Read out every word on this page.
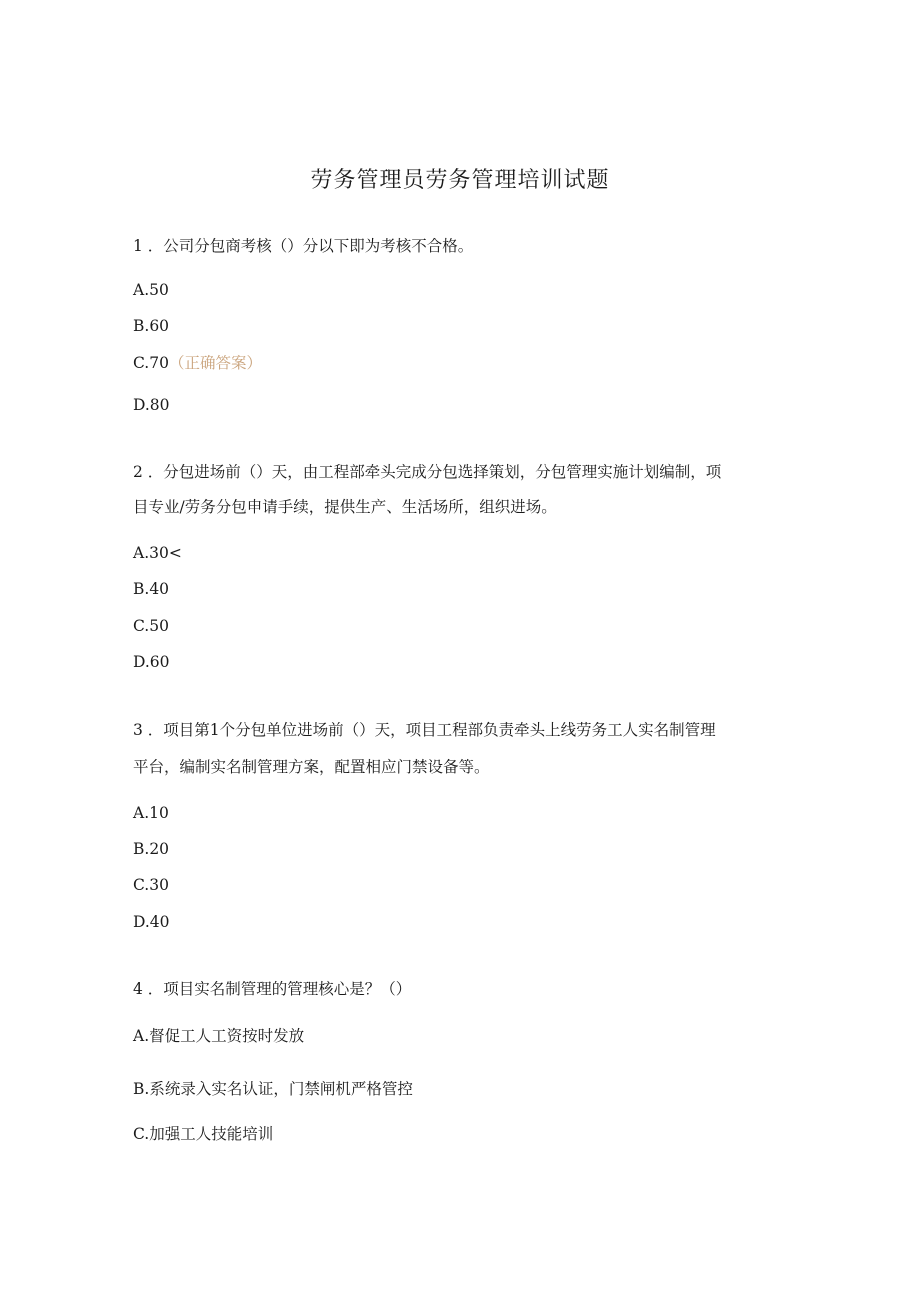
劳务管理员劳务管理培训试题
1 ．公司分包商考核（）分以下即为考核不合格。
A.50
B.60
C.70（正确答案）
D.80
2 ．分包进场前（）天，由工程部牵头完成分包选择策划，分包管理实施计划编制，项
目专业/劳务分包申请手续，提供生产、生活场所，组织进场。
A.30<
B.40
C.50
D.60
3 ．项目第1个分包单位进场前（）天，项目工程部负责牵头上线劳务工人实名制管理
平台，编制实名制管理方案，配置相应门禁设备等。
A.10
B.20
C.30
D.40
4 ．项目实名制管理的管理核心是？（）
A.督促工人工资按时发放
B.系统录入实名认证，门禁闸机严格管控
C.加强工人技能培训
